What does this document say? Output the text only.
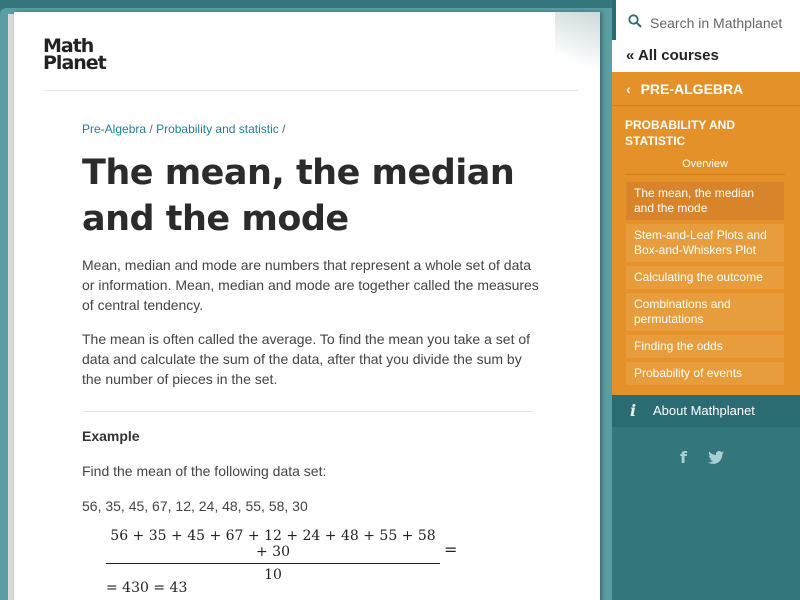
Math
Planet
Pre-Algebra / Probability and statistic /
The mean, the median and the mode

Mean, median and mode are numbers that represent a whole set of data or information. Mean, median and mode are together called the measures of central tendency.

The mean is often called the average. To find the mean you take a set of data and calculate the sum of the data, after that you divide the sum by the number of pieces in the set.

Example
Find the mean of the following data set:
56, 35, 45, 67, 12, 24, 48, 55, 58, 30
56 + 35 + 45 + 67 + 12 + 24 + 48 + 55 + 58 + 30
10
=
= 430 = 43
Search in Mathplanet
« All courses
‹ PRE-ALGEBRA
PROBABILITY AND STATISTIC
Overview
The mean, the median and the mode
Stem-and-Leaf Plots and Box-and-Whiskers Plot
Calculating the outcome
Combinations and permutations
Finding the odds
Probability of events
i About Mathplanet
f
